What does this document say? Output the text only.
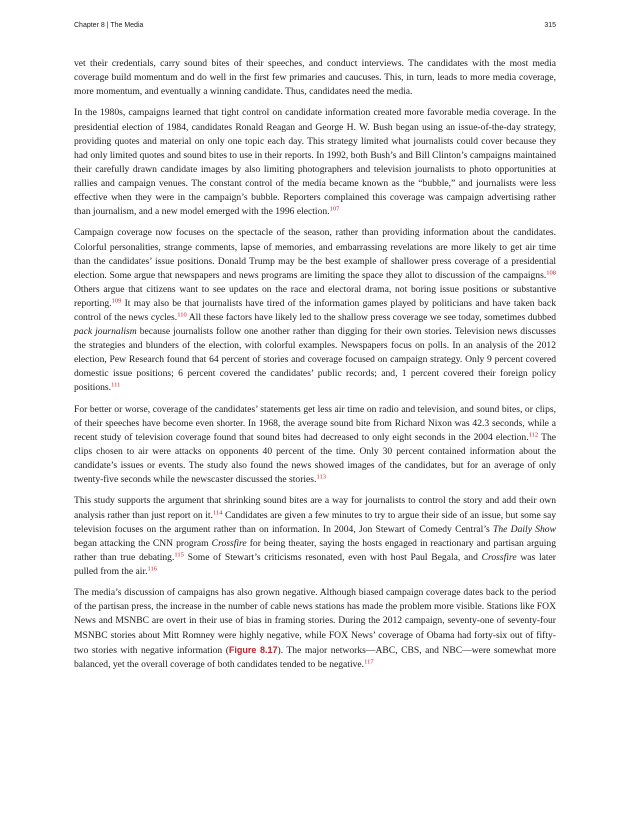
Chapter 8 | The Media	315

vet their credentials, carry sound bites of their speeches, and conduct interviews. The candidates with the most media coverage build momentum and do well in the first few primaries and caucuses. This, in turn, leads to more media coverage, more momentum, and eventually a winning candidate. Thus, candidates need the media.

In the 1980s, campaigns learned that tight control on candidate information created more favorable media coverage. In the presidential election of 1984, candidates Ronald Reagan and George H. W. Bush began using an issue-of-the-day strategy, providing quotes and material on only one topic each day. This strategy limited what journalists could cover because they had only limited quotes and sound bites to use in their reports. In 1992, both Bush’s and Bill Clinton’s campaigns maintained their carefully drawn candidate images by also limiting photographers and television journalists to photo opportunities at rallies and campaign venues. The constant control of the media became known as the “bubble,” and journalists were less effective when they were in the campaign’s bubble. Reporters complained this coverage was campaign advertising rather than journalism, and a new model emerged with the 1996 election.$^{107}$

Campaign coverage now focuses on the spectacle of the season, rather than providing information about the candidates. Colorful personalities, strange comments, lapse of memories, and embarrassing revelations are more likely to get air time than the candidates’ issue positions. Donald Trump may be the best example of shallower press coverage of a presidential election. Some argue that newspapers and news programs are limiting the space they allot to discussion of the campaigns.$^{108}$ Others argue that citizens want to see updates on the race and electoral drama, not boring issue positions or substantive reporting.$^{109}$ It may also be that journalists have tired of the information games played by politicians and have taken back control of the news cycles.$^{110}$ All these factors have likely led to the shallow press coverage we see today, sometimes dubbed pack journalism because journalists follow one another rather than digging for their own stories. Television news discusses the strategies and blunders of the election, with colorful examples. Newspapers focus on polls. In an analysis of the 2012 election, Pew Research found that 64 percent of stories and coverage focused on campaign strategy. Only 9 percent covered domestic issue positions; 6 percent covered the candidates’ public records; and, 1 percent covered their foreign policy positions.$^{111}$

For better or worse, coverage of the candidates’ statements get less air time on radio and television, and sound bites, or clips, of their speeches have become even shorter. In 1968, the average sound bite from Richard Nixon was 42.3 seconds, while a recent study of television coverage found that sound bites had decreased to only eight seconds in the 2004 election.$^{112}$ The clips chosen to air were attacks on opponents 40 percent of the time. Only 30 percent contained information about the candidate’s issues or events. The study also found the news showed images of the candidates, but for an average of only twenty-five seconds while the newscaster discussed the stories.$^{113}$

This study supports the argument that shrinking sound bites are a way for journalists to control the story and add their own analysis rather than just report on it.$^{114}$ Candidates are given a few minutes to try to argue their side of an issue, but some say television focuses on the argument rather than on information. In 2004, Jon Stewart of Comedy Central’s The Daily Show began attacking the CNN program Crossfire for being theater, saying the hosts engaged in reactionary and partisan arguing rather than true debating.$^{115}$ Some of Stewart’s criticisms resonated, even with host Paul Begala, and Crossfire was later pulled from the air.$^{116}$

The media’s discussion of campaigns has also grown negative. Although biased campaign coverage dates back to the period of the partisan press, the increase in the number of cable news stations has made the problem more visible. Stations like FOX News and MSNBC are overt in their use of bias in framing stories. During the 2012 campaign, seventy-one of seventy-four MSNBC stories about Mitt Romney were highly negative, while FOX News’ coverage of Obama had forty-six out of fifty-two stories with negative information (Figure 8.17). The major networks—ABC, CBS, and NBC—were somewhat more balanced, yet the overall coverage of both candidates tended to be negative.$^{117}$
